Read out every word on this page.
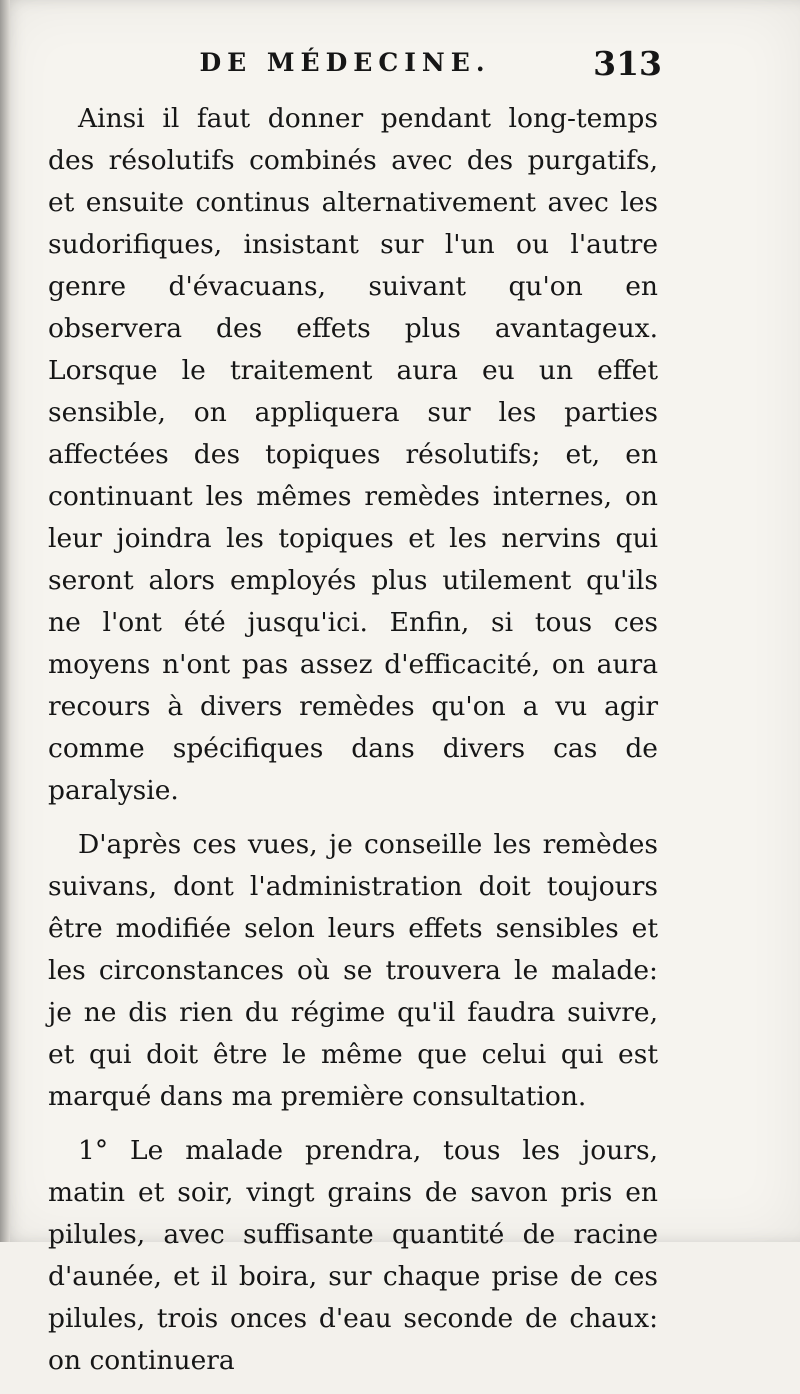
DE MÉDECINE.	313

Ainsi il faut donner pendant long-temps des résolutifs combinés avec des purgatifs, et ensuite continus alternativement avec les sudorifiques, insistant sur l'un ou l'autre genre d'évacuans, suivant qu'on en observera des effets plus avantageux. Lorsque le traitement aura eu un effet sensible, on appliquera sur les parties affectées des topiques résolutifs; et, en continuant les mêmes remèdes internes, on leur joindra les topiques et les nervins qui seront alors employés plus utilement qu'ils ne l'ont été jusqu'ici. Enfin, si tous ces moyens n'ont pas assez d'efficacité, on aura recours à divers remèdes qu'on a vu agir comme spécifiques dans divers cas de paralysie.

D'après ces vues, je conseille les remèdes suivans, dont l'administration doit toujours être modifiée selon leurs effets sensibles et les circonstances où se trouvera le malade: je ne dis rien du régime qu'il faudra suivre, et qui doit être le même que celui qui est marqué dans ma première consultation.

1° Le malade prendra, tous les jours, matin et soir, vingt grains de savon pris en pilules, avec suffisante quantité de racine d'aunée, et il boira, sur chaque prise de ces pilules, trois onces d'eau seconde de chaux: on continuera
